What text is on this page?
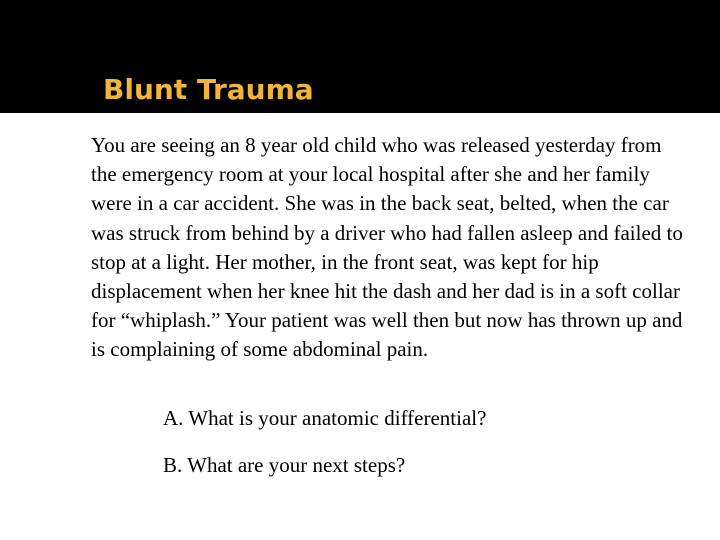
Blunt Trauma

You are seeing an 8 year old child who was released yesterday from the emergency room at your local hospital after she and her family were in a car accident. She was in the back seat, belted, when the car was struck from behind by a driver who had fallen asleep and failed to stop at a light. Her mother, in the front seat, was kept for hip displacement when her knee hit the dash and her dad is in a soft collar for “whiplash.” Your patient was well then but now has thrown up and is complaining of some abdominal pain.

A. What is your anatomic differential?

B. What are your next steps?
